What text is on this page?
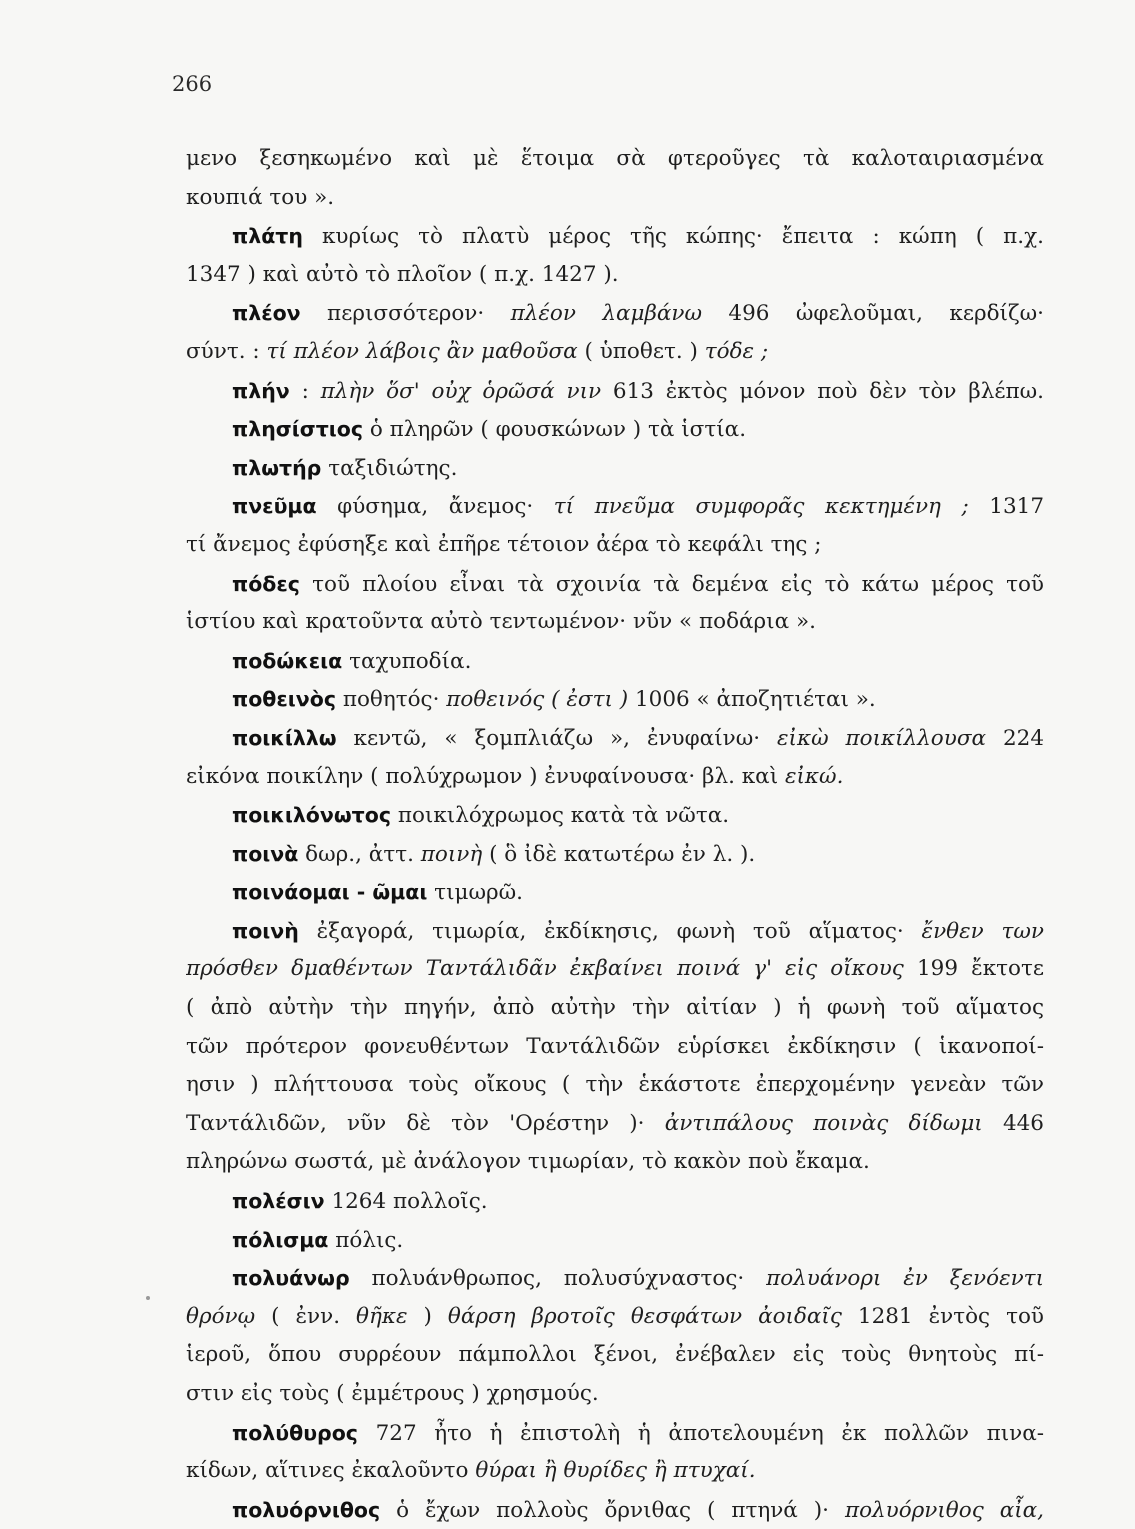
266
μενο ξεσηκωμένο καὶ μὲ ἕτοιμα σὰ φτεροῦγες τὰ καλοταιριασμένα
κουπιά του ».
πλάτη κυρίως τὸ πλατὺ μέρος τῆς κώπης· ἔπειτα : κώπη ( π.χ.
1347 ) καὶ αὐτὸ τὸ πλοῖον ( π.χ. 1427 ).
πλέον περισσότερον· πλέον λαμβάνω 496 ὠφελοῦμαι, κερδίζω·
σύντ. : τί πλέον λάβοις ἂν μαθοῦσα ( ὑποθετ. ) τόδε ;
πλήν : πλὴν ὅσ' οὐχ ὁρῶσά νιν 613 ἐκτὸς μόνον ποὺ δὲν τὸν βλέπω.
πλησίστιος ὁ πληρῶν ( φουσκώνων ) τὰ ἱστία.
πλωτήρ ταξιδιώτης.
πνεῦμα φύσημα, ἄνεμος· τί πνεῦμα συμφορᾶς κεκτημένη ; 1317
τί ἄνεμος ἐφύσηξε καὶ ἐπῆρε τέτοιον ἀέρα τὸ κεφάλι της ;
πόδες τοῦ πλοίου εἶναι τὰ σχοινία τὰ δεμένα εἰς τὸ κάτω μέρος τοῦ
ἱστίου καὶ κρατοῦντα αὐτὸ τεντωμένον· νῦν « ποδάρια ».
ποδώκεια ταχυποδία.
ποθεινὸς ποθητός· ποθεινός ( ἐστι ) 1006 « ἀποζητιέται ».
ποικίλλω κεντῶ, « ξομπλιάζω », ἐνυφαίνω· εἰκὼ ποικίλλουσα 224
εἰκόνα ποικίλην ( πολύχρωμον ) ἐνυφαίνουσα· βλ. καὶ εἰκώ.
ποικιλόνωτος ποικιλόχρωμος κατὰ τὰ νῶτα.
ποινὰ δωρ., ἀττ. ποινὴ ( ὃ ἰδὲ κατωτέρω ἐν λ. ).
ποινάομαι - ῶμαι τιμωρῶ.
ποινὴ ἐξαγορά, τιμωρία, ἐκδίκησις, φωνὴ τοῦ αἵματος· ἔνθεν των
πρόσθεν δμαθέντων Ταντάλιδᾶν ἐκβαίνει ποινά γ' εἰς οἴκους 199 ἔκτοτε
( ἀπὸ αὐτὴν τὴν πηγήν, ἀπὸ αὐτὴν τὴν αἰτίαν ) ἡ φωνὴ τοῦ αἵματος
τῶν πρότερον φονευθέντων Ταντάλιδῶν εὑρίσκει ἐκδίκησιν ( ἱκανοποί-
ησιν ) πλήττουσα τοὺς οἴκους ( τὴν ἑκάστοτε ἐπερχομένην γενεὰν τῶν
Ταντάλιδῶν, νῦν δὲ τὸν 'Ορέστην )· ἀντιπάλους ποινὰς δίδωμι 446
πληρώνω σωστά, μὲ ἀνάλογον τιμωρίαν, τὸ κακὸν ποὺ ἔκαμα.
πολέσιν 1264 πολλοῖς.
πόλισμα πόλις.
πολυάνωρ πολυάνθρωπος, πολυσύχναστος· πολυάνορι ἐν ξενόεντι
θρόνῳ ( ἐνν. θῆκε ) θάρση βροτοῖς θεσφάτων ἀοιδαῖς 1281 ἐντὸς τοῦ
ἱεροῦ, ὅπου συρρέουν πάμπολλοι ξένοι, ἐνέβαλεν εἰς τοὺς θνητοὺς πί-
στιν εἰς τοὺς ( ἐμμέτρους ) χρησμούς.
πολύθυρος 727 ἦτο ἡ ἐπιστολὴ ἡ ἀποτελουμένη ἐκ πολλῶν πινα-
κίδων, αἵτινες ἐκαλοῦντο θύραι ἢ θυρίδες ἢ πτυχαί.
πολυόρνιθος ὁ ἔχων πολλοὺς ὄρνιθας ( πτηνά )· πολυόρνιθος αἶα,
